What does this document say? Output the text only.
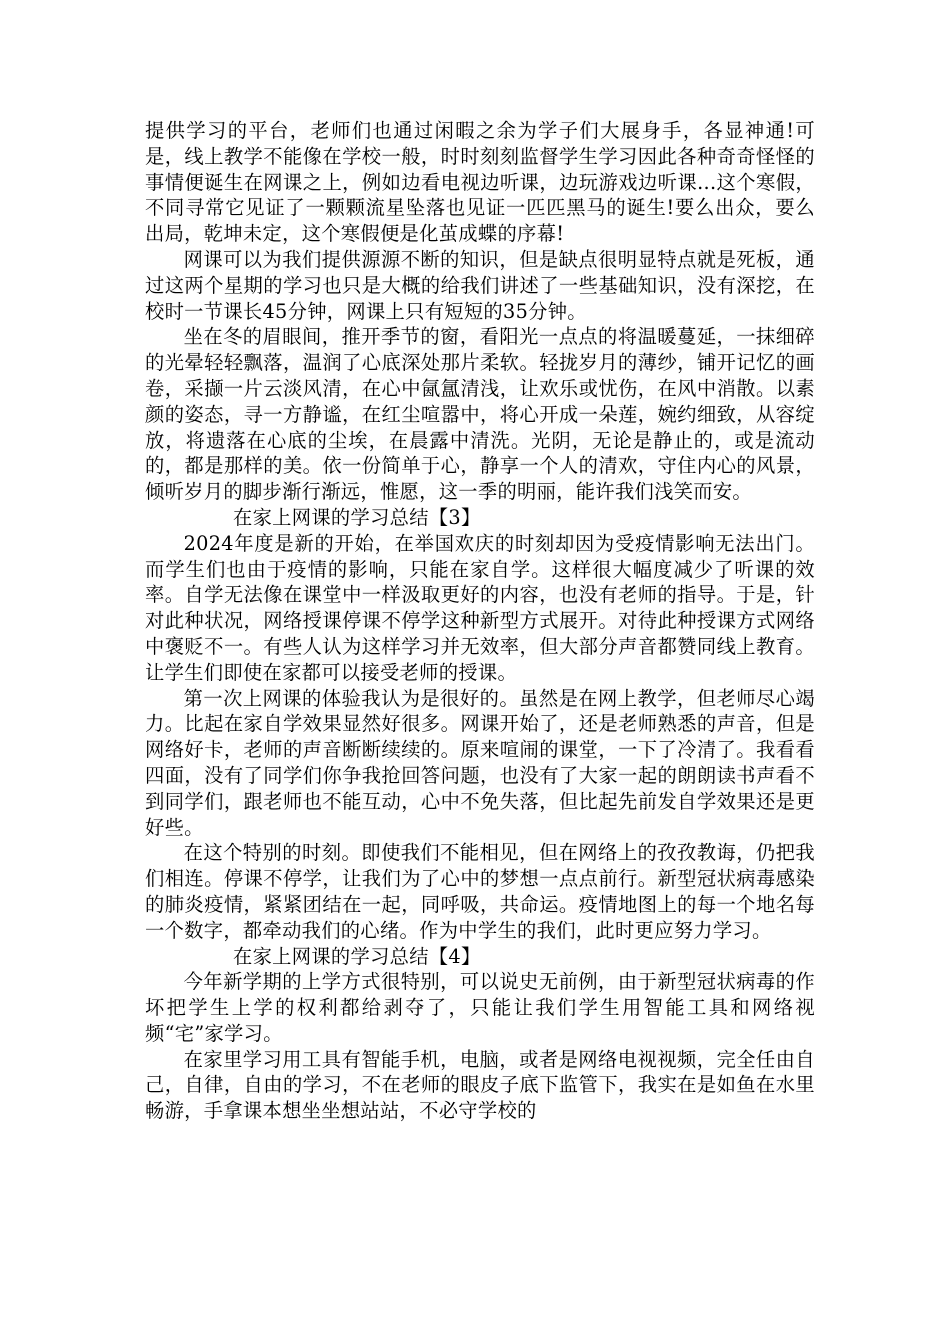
提供学习的平台，老师们也通过闲暇之余为学子们大展身手，各显神通!可是，线上教学不能像在学校一般，时时刻刻监督学生学习因此各种奇奇怪怪的事情便诞生在网课之上，例如边看电视边听课，边玩游戏边听课...这个寒假，不同寻常它见证了一颗颗流星坠落也见证一匹匹黑马的诞生!要么出众，要么出局，乾坤未定，这个寒假便是化茧成蝶的序幕!

网课可以为我们提供源源不断的知识，但是缺点很明显特点就是死板，通过这两个星期的学习也只是大概的给我们讲述了一些基础知识，没有深挖，在校时一节课长45分钟，网课上只有短短的35分钟。

坐在冬的眉眼间，推开季节的窗，看阳光一点点的将温暖蔓延，一抹细碎的光晕轻轻飘落，温润了心底深处那片柔软。轻拢岁月的薄纱，铺开记忆的画卷，采撷一片云淡风清，在心中氤氲清浅，让欢乐或忧伤，在风中消散。以素颜的姿态，寻一方静谧，在红尘喧嚣中，将心开成一朵莲，婉约细致，从容绽放，将遗落在心底的尘埃，在晨露中清洗。光阴，无论是静止的，或是流动的，都是那样的美。依一份简单于心，静享一个人的清欢，守住内心的风景，倾听岁月的脚步渐行渐远，惟愿，这一季的明丽，能许我们浅笑而安。

在家上网课的学习总结【3】

2024年度是新的开始，在举国欢庆的时刻却因为受疫情影响无法出门。而学生们也由于疫情的影响，只能在家自学。这样很大幅度减少了听课的效率。自学无法像在课堂中一样汲取更好的内容，也没有老师的指导。于是，针对此种状况，网络授课停课不停学这种新型方式展开。对待此种授课方式网络中褒贬不一。有些人认为这样学习并无效率，但大部分声音都赞同线上教育。让学生们即使在家都可以接受老师的授课。

第一次上网课的体验我认为是很好的。虽然是在网上教学，但老师尽心竭力。比起在家自学效果显然好很多。网课开始了，还是老师熟悉的声音，但是网络好卡，老师的声音断断续续的。原来喧闹的课堂，一下了冷清了。我看看四面，没有了同学们你争我抢回答问题，也没有了大家一起的朗朗读书声看不到同学们，跟老师也不能互动，心中不免失落，但比起先前发自学效果还是更好些。

在这个特别的时刻。即使我们不能相见，但在网络上的孜孜教诲，仍把我们相连。停课不停学，让我们为了心中的梦想一点点前行。新型冠状病毒感染的肺炎疫情，紧紧团结在一起，同呼吸，共命运。疫情地图上的每一个地名每一个数字，都牵动我们的心绪。作为中学生的我们，此时更应努力学习。

在家上网课的学习总结【4】

今年新学期的上学方式很特别，可以说史无前例，由于新型冠状病毒的作坏把学生上学的权利都给剥夺了，只能让我们学生用智能工具和网络视频“宅”家学习。

在家里学习用工具有智能手机，电脑，或者是网络电视视频，完全任由自己，自律，自由的学习，不在老师的眼皮子底下监管下，我实在是如鱼在水里畅游，手拿课本想坐坐想站站，不必守学校的
